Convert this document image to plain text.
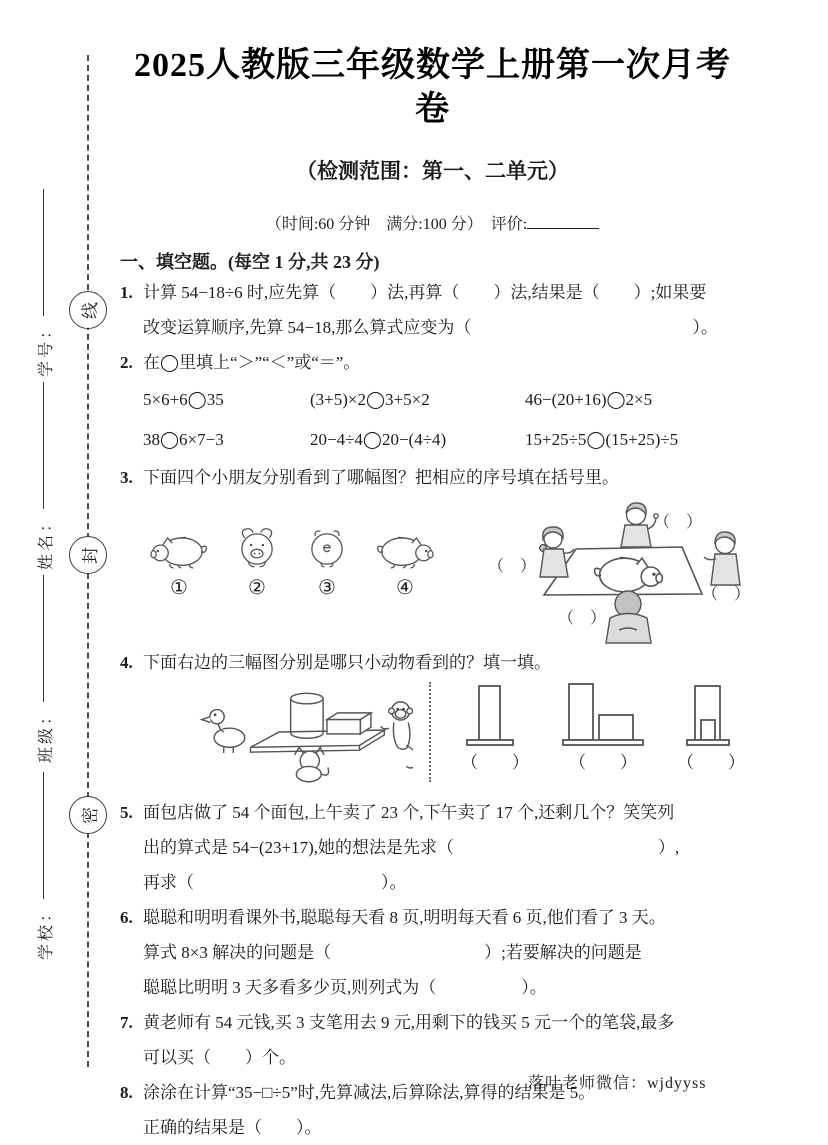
学号：
姓名：
班级：
学校：
线
封
密
2025人教版三年级数学上册第一次月考卷
（检测范围：第一、二单元）
（时间:60 分钟　满分:100 分）　评价:
一、填空题。(每空 1 分,共 23 分)
1. 计算 54−18÷6 时,应先算（　　）法,再算（　　）法,结果是（　　）;如果要
改变运算顺序,先算 54−18,那么算式应变为（　　　　　　　　　　　　　）。
2. 在◯里填上“＞”“＜”或“＝”。
5×6+6◯35	(3+5)×2◯3+5×2	46−(20+16)◯2×5
38◯6×7−3	20−4÷4◯20−(4÷4)	15+25÷5◯(15+25)÷5
3. 下面四个小朋友分别看到了哪幅图？把相应的序号填在括号里。
①	②	③	④
（　）
（　）
（　）
（　）
4. 下面右边的三幅图分别是哪只小动物看到的？填一填。
（　　）	（　　）	（　　）
5. 面包店做了 54 个面包,上午卖了 23 个,下午卖了 17 个,还剩几个？笑笑列
出的算式是 54−(23+17),她的想法是先求（　　　　　　　　　　　　）,
再求（　　　　　　　　　　　）。
6. 聪聪和明明看课外书,聪聪每天看 8 页,明明每天看 6 页,他们看了 3 天。
算式 8×3 解决的问题是（　　　　　　　　　）;若要解决的问题是
聪聪比明明 3 天多看多少页,则列式为（　　　　　）。
7. 黄老师有 54 元钱,买 3 支笔用去 9 元,用剩下的钱买 5 元一个的笔袋,最多
可以买（　　）个。
8. 涂涂在计算“35−□÷5”时,先算减法,后算除法,算得的结果是 5。
正确的结果是（　　）。
落叶老师微信：wjdyyss
